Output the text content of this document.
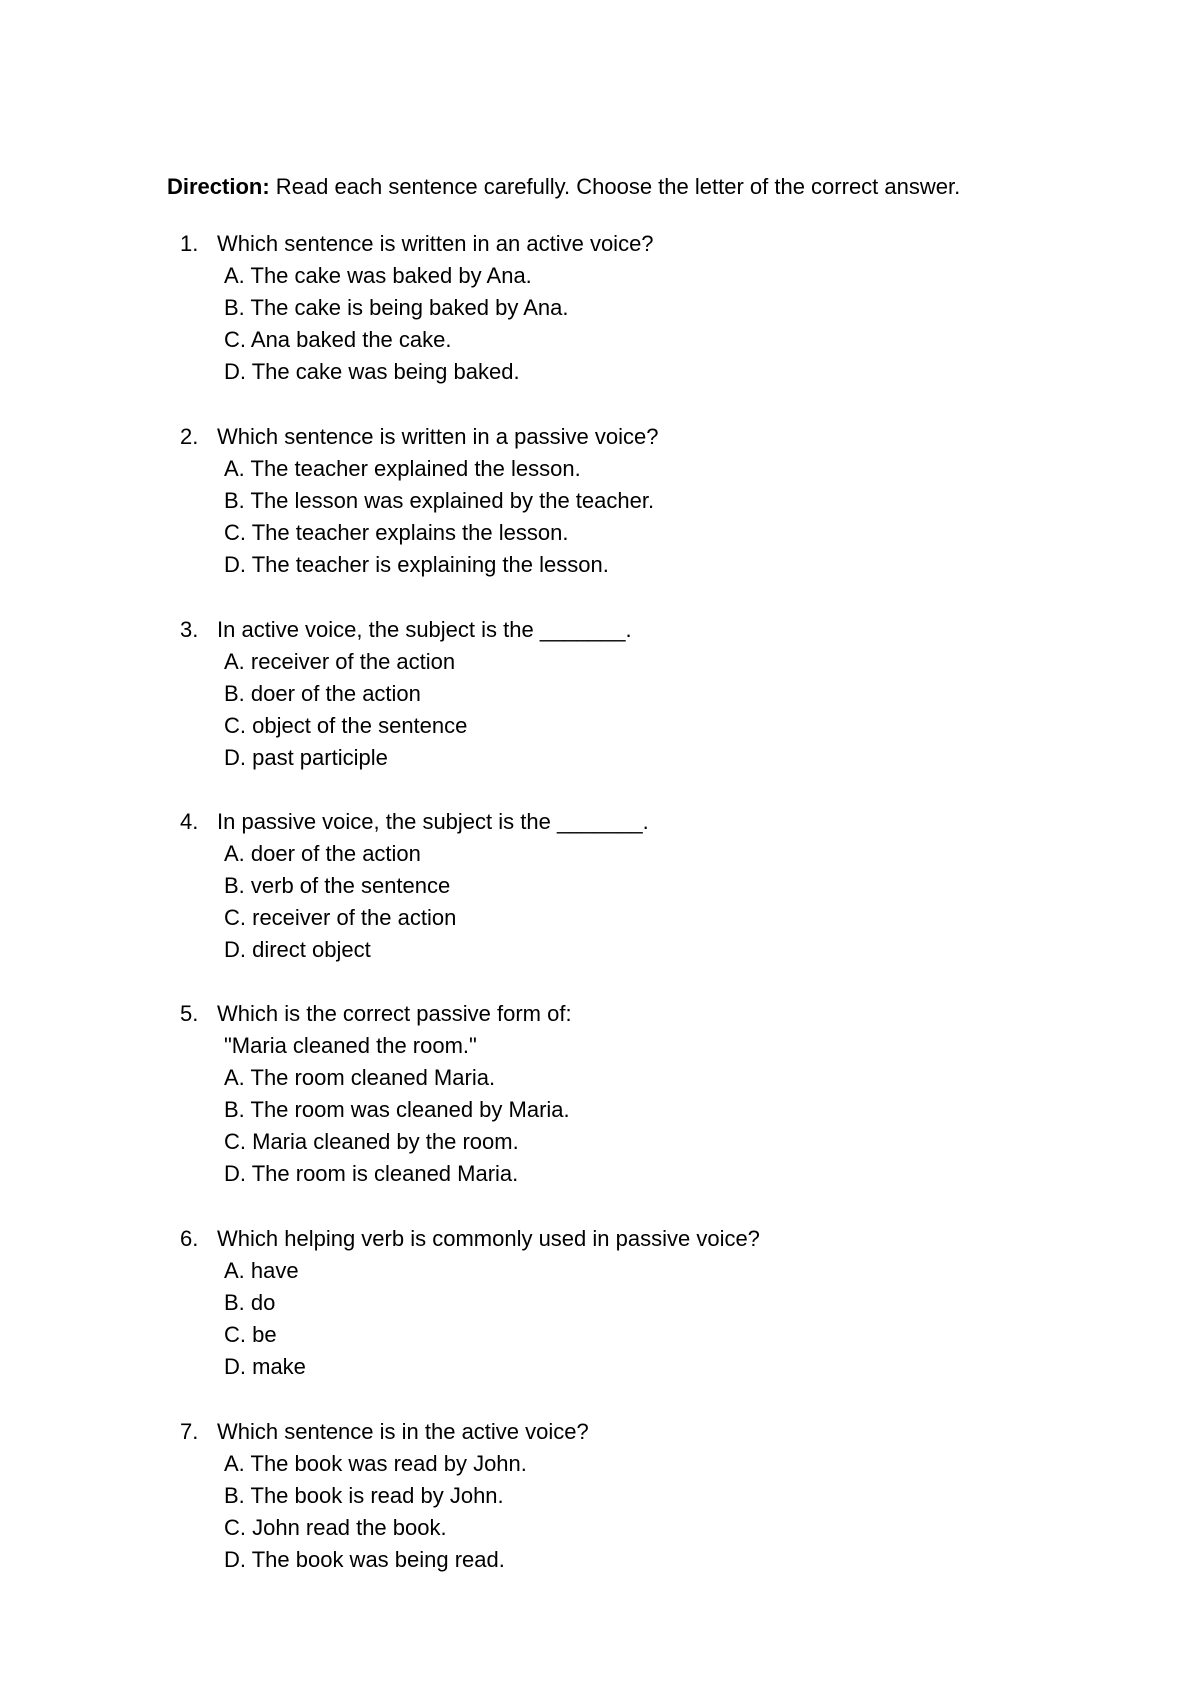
Direction: Read each sentence carefully. Choose the letter of the correct answer.
1. Which sentence is written in an active voice?
A. The cake was baked by Ana.
B. The cake is being baked by Ana.
C. Ana baked the cake.
D. The cake was being baked.
2. Which sentence is written in a passive voice?
A. The teacher explained the lesson.
B. The lesson was explained by the teacher.
C. The teacher explains the lesson.
D. The teacher is explaining the lesson.
3. In active voice, the subject is the _______.
A. receiver of the action
B. doer of the action
C. object of the sentence
D. past participle
4. In passive voice, the subject is the _______.
A. doer of the action
B. verb of the sentence
C. receiver of the action
D. direct object
5. Which is the correct passive form of:
"Maria cleaned the room."
A. The room cleaned Maria.
B. The room was cleaned by Maria.
C. Maria cleaned by the room.
D. The room is cleaned Maria.
6. Which helping verb is commonly used in passive voice?
A. have
B. do
C. be
D. make
7. Which sentence is in the active voice?
A. The book was read by John.
B. The book is read by John.
C. John read the book.
D. The book was being read.
